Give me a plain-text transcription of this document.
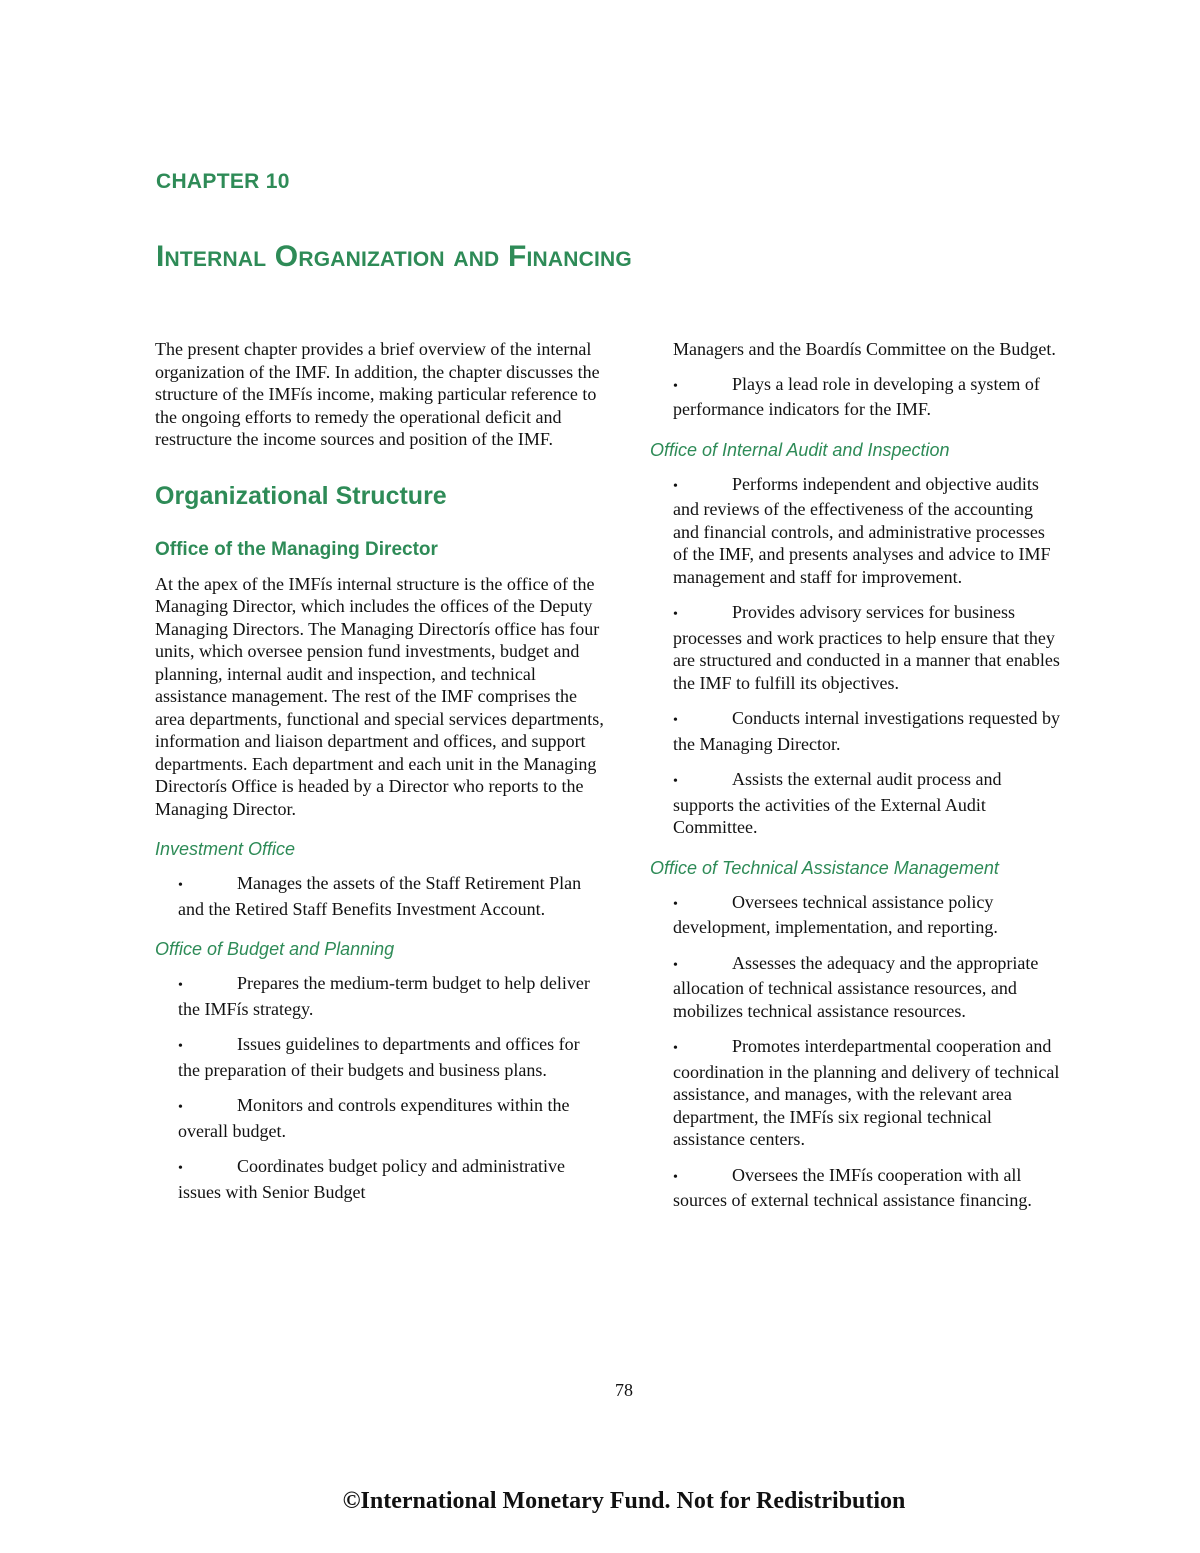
CHAPTER 10
Internal Organization and Financing

The present chapter provides a brief overview of the internal organization of the IMF. In addition, the chapter discusses the structure of the IMFís income, making particular reference to the ongoing efforts to remedy the operational deficit and restructure the income sources and position of the IMF.

Organizational Structure
Office of the Managing Director

At the apex of the IMFís internal structure is the office of the Managing Director, which includes the offices of the Deputy Managing Directors. The Managing Directorís office has four units, which oversee pension fund investments, budget and planning, internal audit and inspection, and technical assistance management. The rest of the IMF comprises the area departments, functional and special services departments, information and liaison department and offices, and support departments. Each department and each unit in the Managing Directorís Office is headed by a Director who reports to the Managing Director.

Investment Office
•	Manages the assets of the Staff Retirement Plan and the Retired Staff Benefits Investment Account.
Office of Budget and Planning
•	Prepares the medium-term budget to help deliver the IMFís strategy.
•	Issues guidelines to departments and offices for the preparation of their budgets and business plans.
•	Monitors and controls expenditures within the overall budget.
•	Coordinates budget policy and administrative issues with Senior Budget
Managers and the Boardís Committee on the Budget.
•	Plays a lead role in developing a system of performance indicators for the IMF.
Office of Internal Audit and Inspection
•	Performs independent and objective audits and reviews of the effectiveness of the accounting and financial controls, and administrative processes of the IMF, and presents analyses and advice to IMF management and staff for improvement.
•	Provides advisory services for business processes and work practices to help ensure that they are structured and conducted in a manner that enables the IMF to fulfill its objectives.
•	Conducts internal investigations requested by the Managing Director.
•	Assists the external audit process and supports the activities of the External Audit Committee.
Office of Technical Assistance Management
•	Oversees technical assistance policy development, implementation, and reporting.
•	Assesses the adequacy and the appropriate allocation of technical assistance resources, and mobilizes technical assistance resources.
•	Promotes interdepartmental cooperation and coordination in the planning and delivery of technical assistance, and manages, with the relevant area department, the IMFís six regional technical assistance centers.
•	Oversees the IMFís cooperation with all sources of external technical assistance financing.
78
©International Monetary Fund. Not for Redistribution
